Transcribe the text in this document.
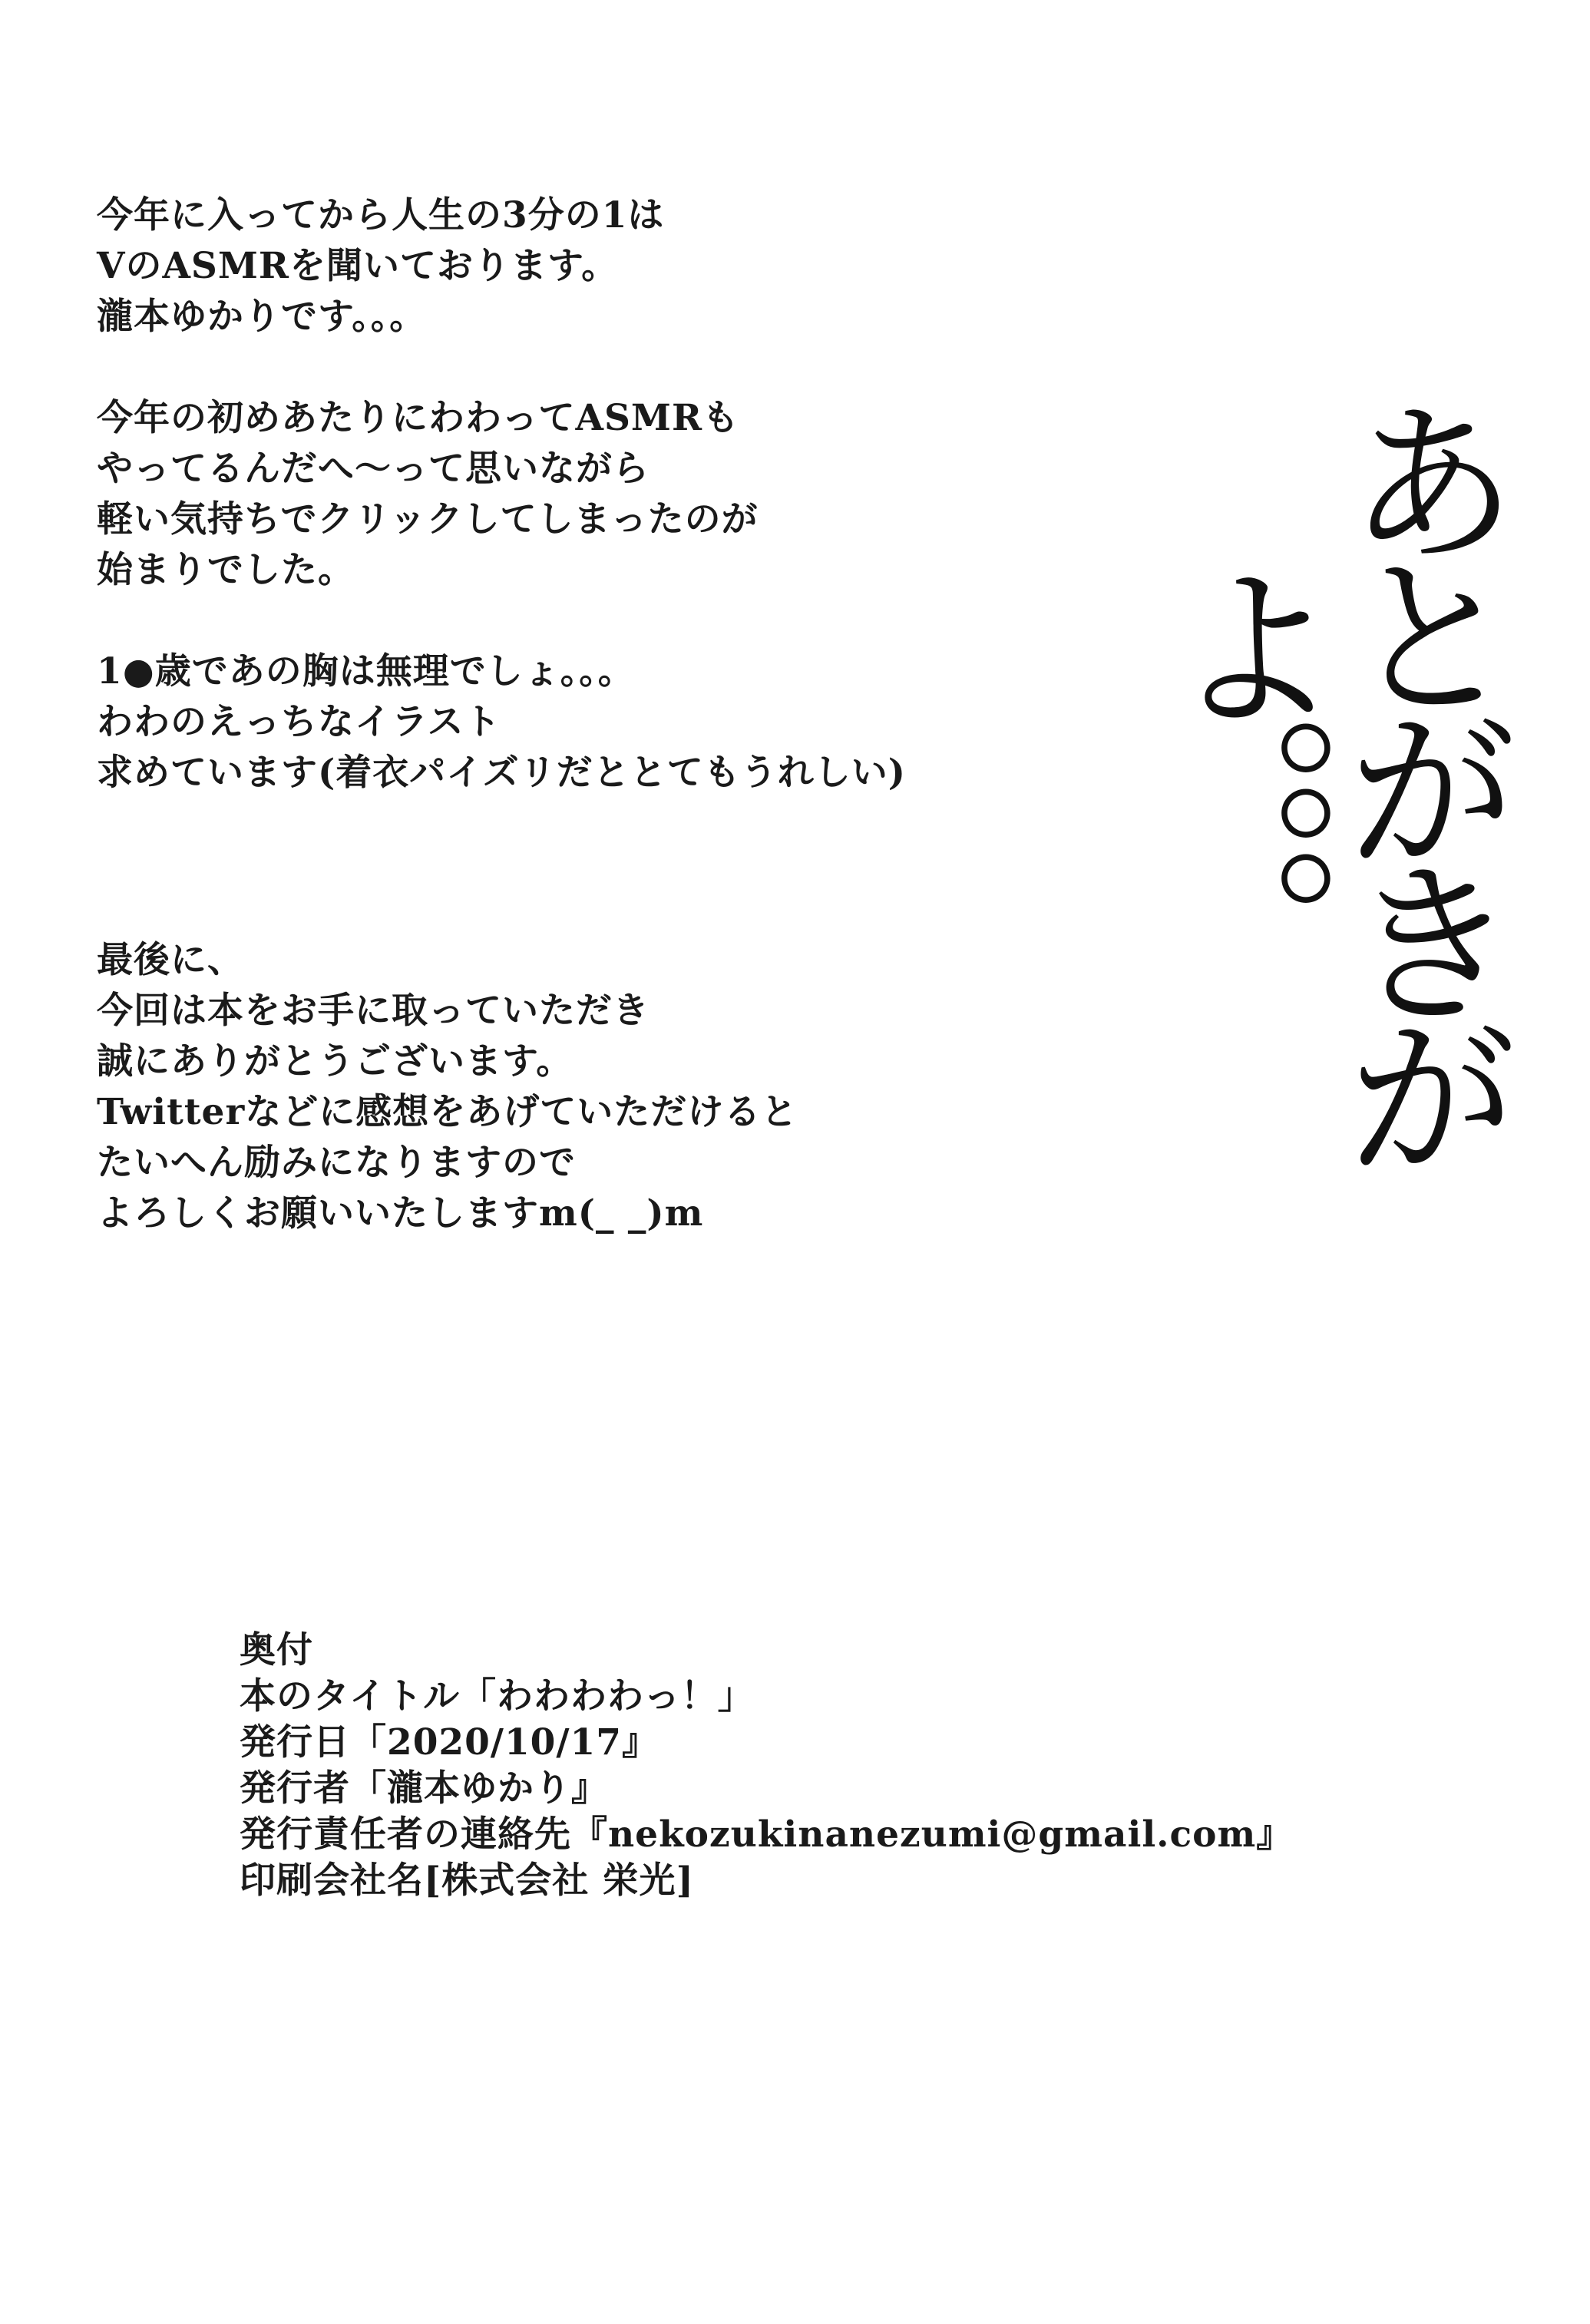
今年に入ってから人生の3分の1は
VのASMRを聞いております。
瀧本ゆかりです。。。

今年の初めあたりにわわってASMRも
やってるんだへ〜って思いながら
軽い気持ちでクリックしてしまったのが
始まりでした。

1●歳であの胸は無理でしょ。。。
わわのえっちなイラスト
求めています(着衣パイズリだととてもうれしい)

最後に、
今回は本をお手に取っていただき
誠にありがとうございます。
Twitterなどに感想をあげていただけると
たいへん励みになりますので
よろしくお願いいたしますm(_ _)m

あとがきがよ。。。
奥付
本のタイトル「わわわわっ！」
発行日「2020/10/17』
発行者「瀧本ゆかり』
発行責任者の連絡先『nekozukinanezumi@gmail.com』
印刷会社名[株式会社 栄光]
